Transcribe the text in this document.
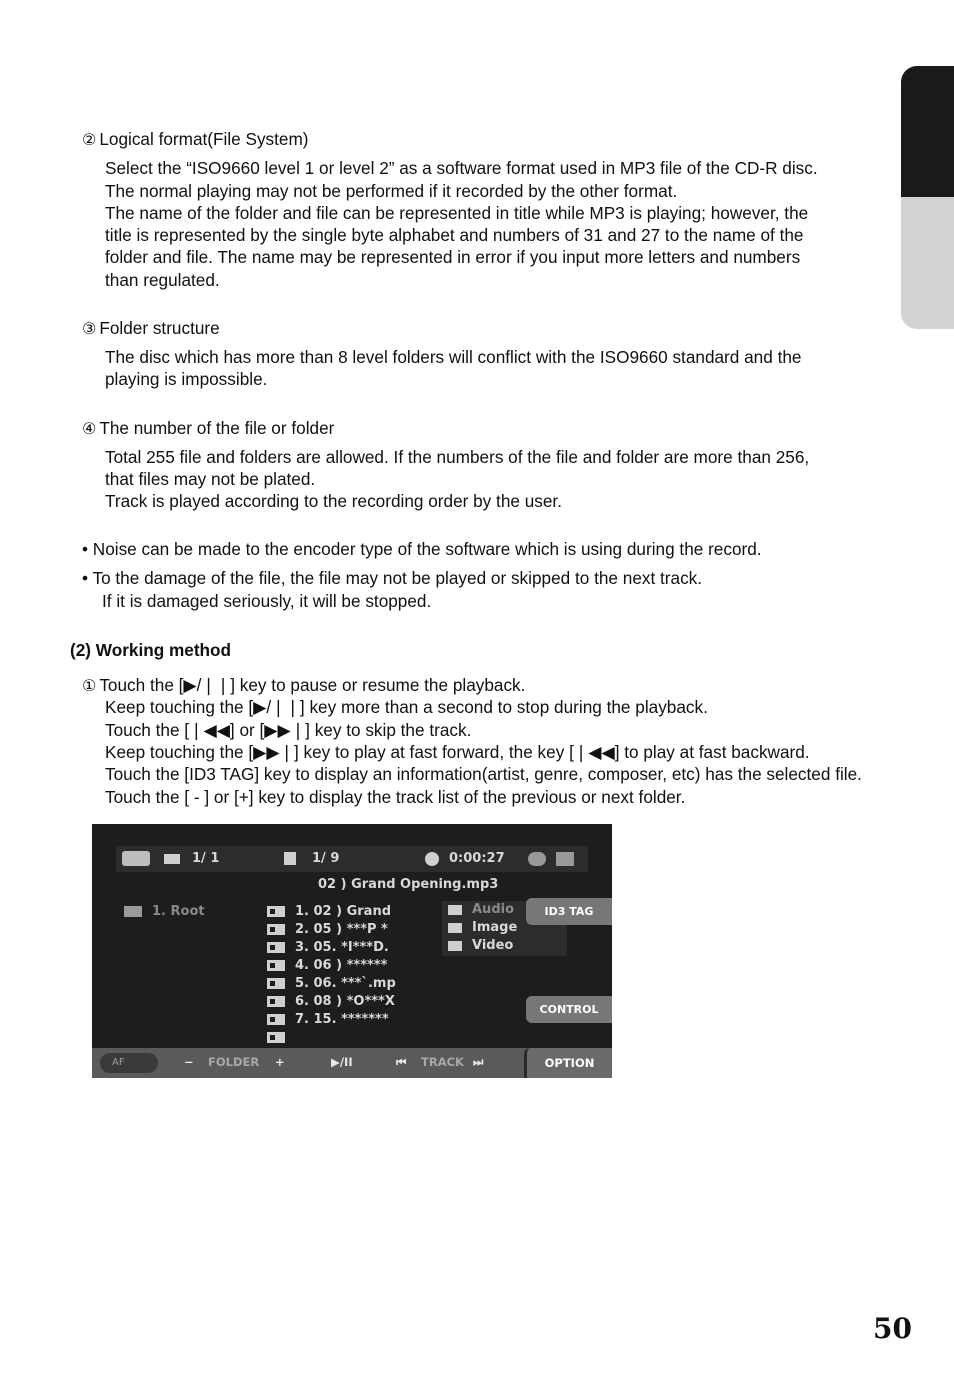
② Logical format(File System)
Select the “ISO9660 level 1 or level 2” as a software format used in MP3 file of the CD-R disc.
The normal playing may not be performed if it recorded by the other format.
The name of the folder and file can be represented in title while MP3 is playing; however, the
title is represented by the single byte alphabet and numbers of 31 and 27 to the name of the
folder and file. The name may be represented in error if you input more letters and numbers
than regulated.
③ Folder structure
The disc which has more than 8 level folders will conflict with the ISO9660 standard and the
playing is impossible.
④ The number of the file or folder
Total 255 file and folders are allowed. If the numbers of the file and folder are more than 256,
that files may not be plated.
Track is played according to the recording order by the user.
• Noise can be made to the encoder type of the software which is using during the record.
• To the damage of the file, the file may not be played or skipped to the next track.
If it is damaged seriously, it will be stopped.
(2) Working method
① Touch the [▶/❘❘] key to pause or resume the playback.
Keep touching the [▶/❘❘] key more than a second to stop during the playback.
Touch the [❘◀◀] or [▶▶❘] key to skip the track.
Keep touching the [▶▶❘] key to play at fast forward, the key [❘◀◀] to play at fast backward.
Touch the [ID3 TAG] key to display an information(artist, genre, composer, etc) has the selected file.
Touch the [ - ] or [+] key to display the track list of the previous or next folder.
1/ 1	1/ 9	0:00:27
02 ) Grand Opening.mp3
1. Root	1. 02 ) Grand
2. 05 ) ***P *
3. 05. *I***D.
4. 06 ) ******
5. 06. ***`.mp
6. 08 ) *O***X
7. 15. *******
Audio
Image
Video
ID3 TAG
CONTROL
AF	− FOLDER +	▶/II	⏮ TRACK ⏭	OPTION
50
